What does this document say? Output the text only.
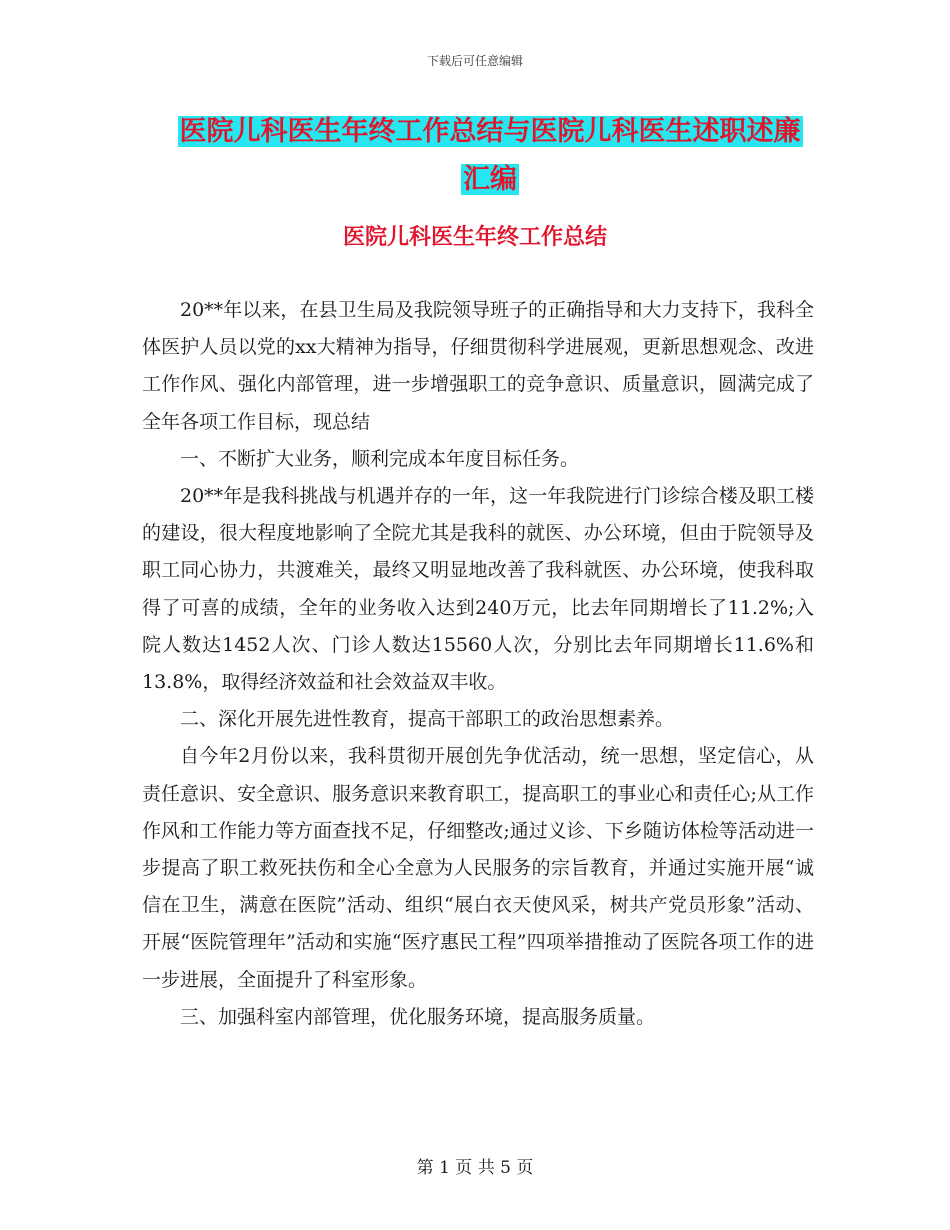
下载后可任意编辑
医院儿科医生年终工作总结与医院儿科医生述职述廉
汇编
医院儿科医生年终工作总结

20**年以来，在县卫生局及我院领导班子的正确指导和大力支持下，我科全体医护人员以党的xx大精神为指导，仔细贯彻科学进展观，更新思想观念、改进工作作风、强化内部管理，进一步增强职工的竞争意识、质量意识，圆满完成了全年各项工作目标，现总结

一、不断扩大业务，顺利完成本年度目标任务。

20**年是我科挑战与机遇并存的一年，这一年我院进行门诊综合楼及职工楼的建设，很大程度地影响了全院尤其是我科的就医、办公环境，但由于院领导及职工同心协力，共渡难关，最终又明显地改善了我科就医、办公环境，使我科取得了可喜的成绩，全年的业务收入达到240万元，比去年同期增长了11.2%;入院人数达1452人次、门诊人数达15560人次，分别比去年同期增长11.6%和13.8%，取得经济效益和社会效益双丰收。

二、深化开展先进性教育，提高干部职工的政治思想素养。

自今年2月份以来，我科贯彻开展创先争优活动，统一思想，坚定信心，从责任意识、安全意识、服务意识来教育职工，提高职工的事业心和责任心;从工作作风和工作能力等方面查找不足，仔细整改;通过义诊、下乡随访体检等活动进一步提高了职工救死扶伤和全心全意为人民服务的宗旨教育，并通过实施开展“诚信在卫生，满意在医院”活动、组织“展白衣天使风采，树共产党员形象”活动、开展“医院管理年”活动和实施“医疗惠民工程”四项举措推动了医院各项工作的进一步进展，全面提升了科室形象。

三、加强科室内部管理，优化服务环境，提高服务质量。

第 1 页 共 5 页
